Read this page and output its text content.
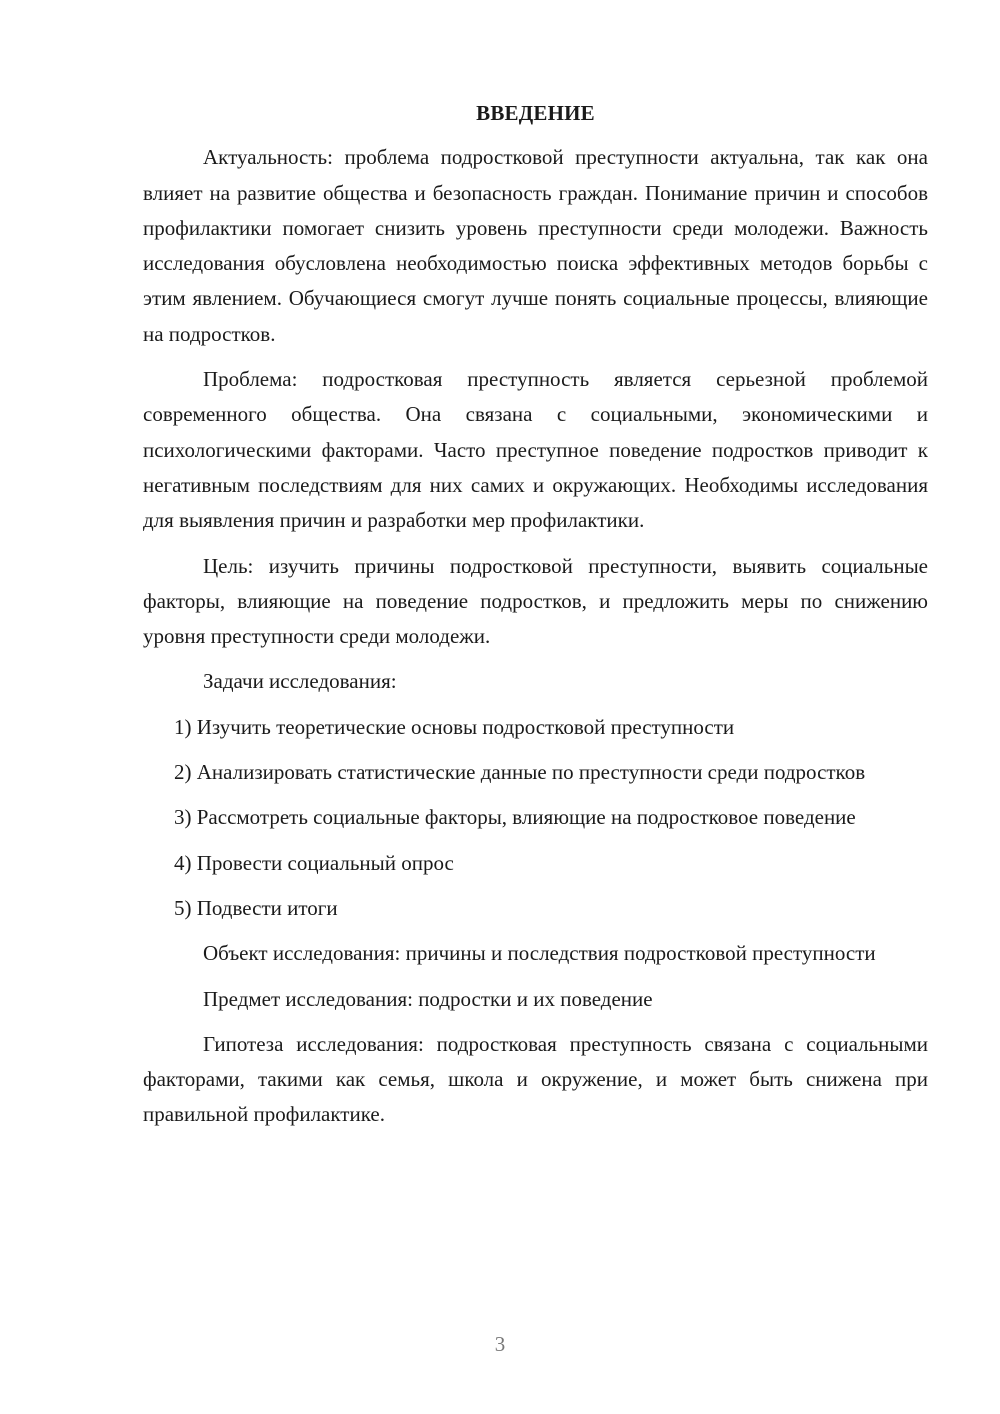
ВВЕДЕНИЕ

Актуальность: проблема подростковой преступности актуальна, так как она влияет на развитие общества и безопасность граждан. Понимание причин и способов профилактики помогает снизить уровень преступности среди молодежи. Важность исследования обусловлена необходимостью поиска эффективных методов борьбы с этим явлением. Обучающиеся смогут лучше понять социальные процессы, влияющие на подростков.

Проблема: подростковая преступность является серьезной проблемой современного общества. Она связана с социальными, экономическими и психологическими факторами. Часто преступное поведение подростков приводит к негативным последствиям для них самих и окружающих. Необходимы исследования для выявления причин и разработки мер профилактики.

Цель: изучить причины подростковой преступности, выявить социальные факторы, влияющие на поведение подростков, и предложить меры по снижению уровня преступности среди молодежи.

Задачи исследования:

1) Изучить теоретические основы подростковой преступности

2) Анализировать статистические данные по преступности среди подростков

3) Рассмотреть социальные факторы, влияющие на подростковое поведение

4) Провести социальный опрос

5) Подвести итоги

Объект исследования: причины и последствия подростковой преступности

Предмет исследования: подростки и их поведение

Гипотеза исследования: подростковая преступность связана с социальными факторами, такими как семья, школа и окружение, и может быть снижена при правильной профилактике.

3
